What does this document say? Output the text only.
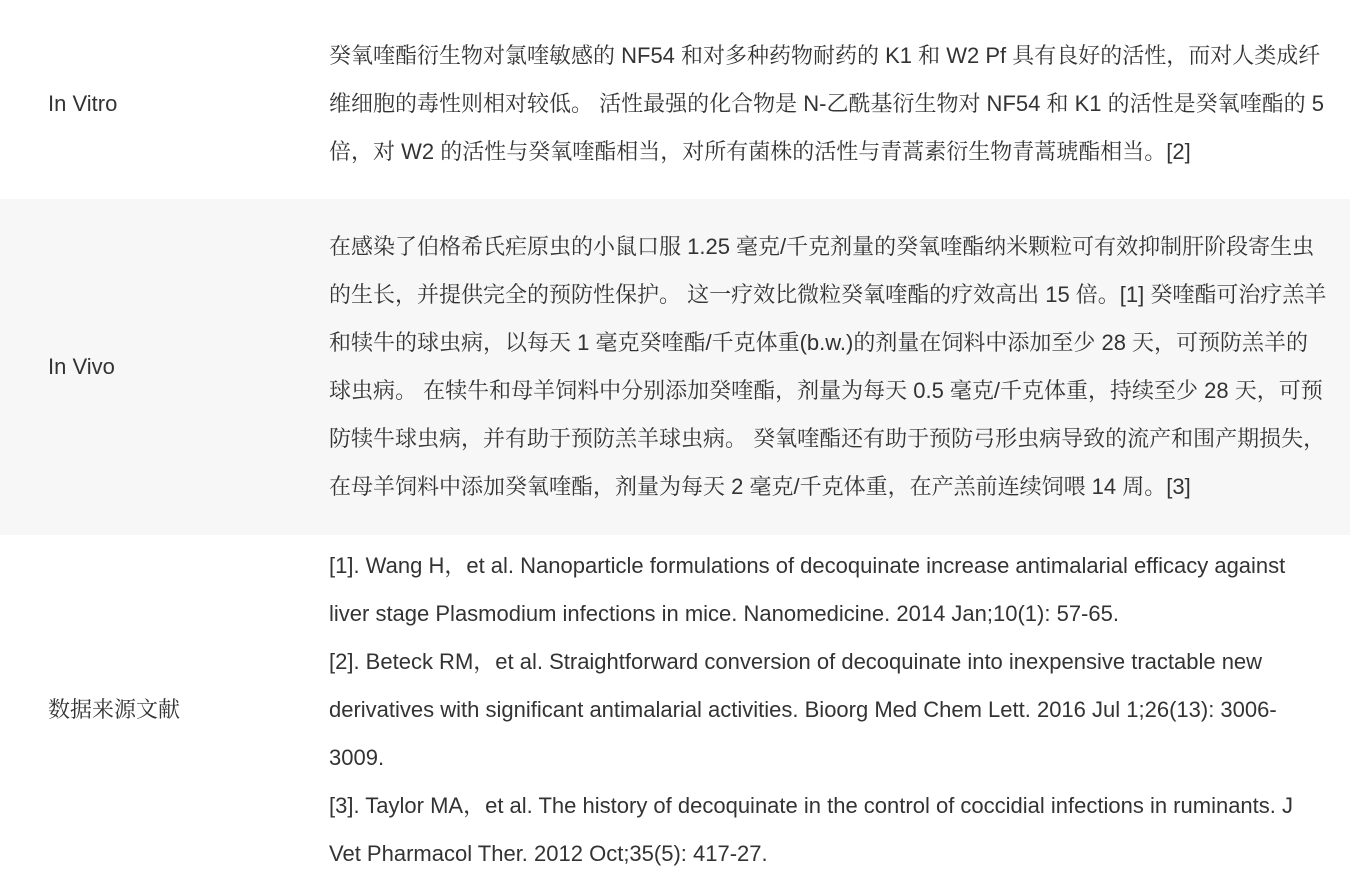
In Vitro

癸氧喹酯衍生物对氯喹敏感的 NF54 和对多种药物耐药的 K1 和 W2 Pf 具有良好的活性，而对人类成纤维细胞的毒性则相对较低。 活性最强的化合物是 N-乙酰基衍生物对 NF54 和 K1 的活性是癸氧喹酯的 5 倍，对 W2 的活性与癸氧喹酯相当，对所有菌株的活性与青蒿素衍生物青蒿琥酯相当。[2]

In Vivo

在感染了伯格希氏疟原虫的小鼠口服 1.25 毫克/千克剂量的癸氧喹酯纳米颗粒可有效抑制肝阶段寄生虫的生长，并提供完全的预防性保护。 这一疗效比微粒癸氧喹酯的疗效高出 15 倍。[1] 癸喹酯可治疗羔羊和犊牛的球虫病，以每天 1 毫克癸喹酯/千克体重(b.w.)的剂量在饲料中添加至少 28 天，可预防羔羊的球虫病。 在犊牛和母羊饲料中分别添加癸喹酯，剂量为每天 0.5 毫克/千克体重，持续至少 28 天，可预防犊牛球虫病，并有助于预防羔羊球虫病。 癸氧喹酯还有助于预防弓形虫病导致的流产和围产期损失，在母羊饲料中添加癸氧喹酯，剂量为每天 2 毫克/千克体重，在产羔前连续饲喂 14 周。[3]

数据来源文献

[1]. Wang H，et al. Nanoparticle formulations of decoquinate increase antimalarial efficacy against liver stage Plasmodium infections in mice. Nanomedicine. 2014 Jan;10(1): 57-65.

[2]. Beteck RM，et al. Straightforward conversion of decoquinate into inexpensive tractable new derivatives with significant antimalarial activities. Bioorg Med Chem Lett. 2016 Jul 1;26(13): 3006-3009.

[3]. Taylor MA，et al. The history of decoquinate in the control of coccidial infections in ruminants. J Vet Pharmacol Ther. 2012 Oct;35(5): 417-27.
